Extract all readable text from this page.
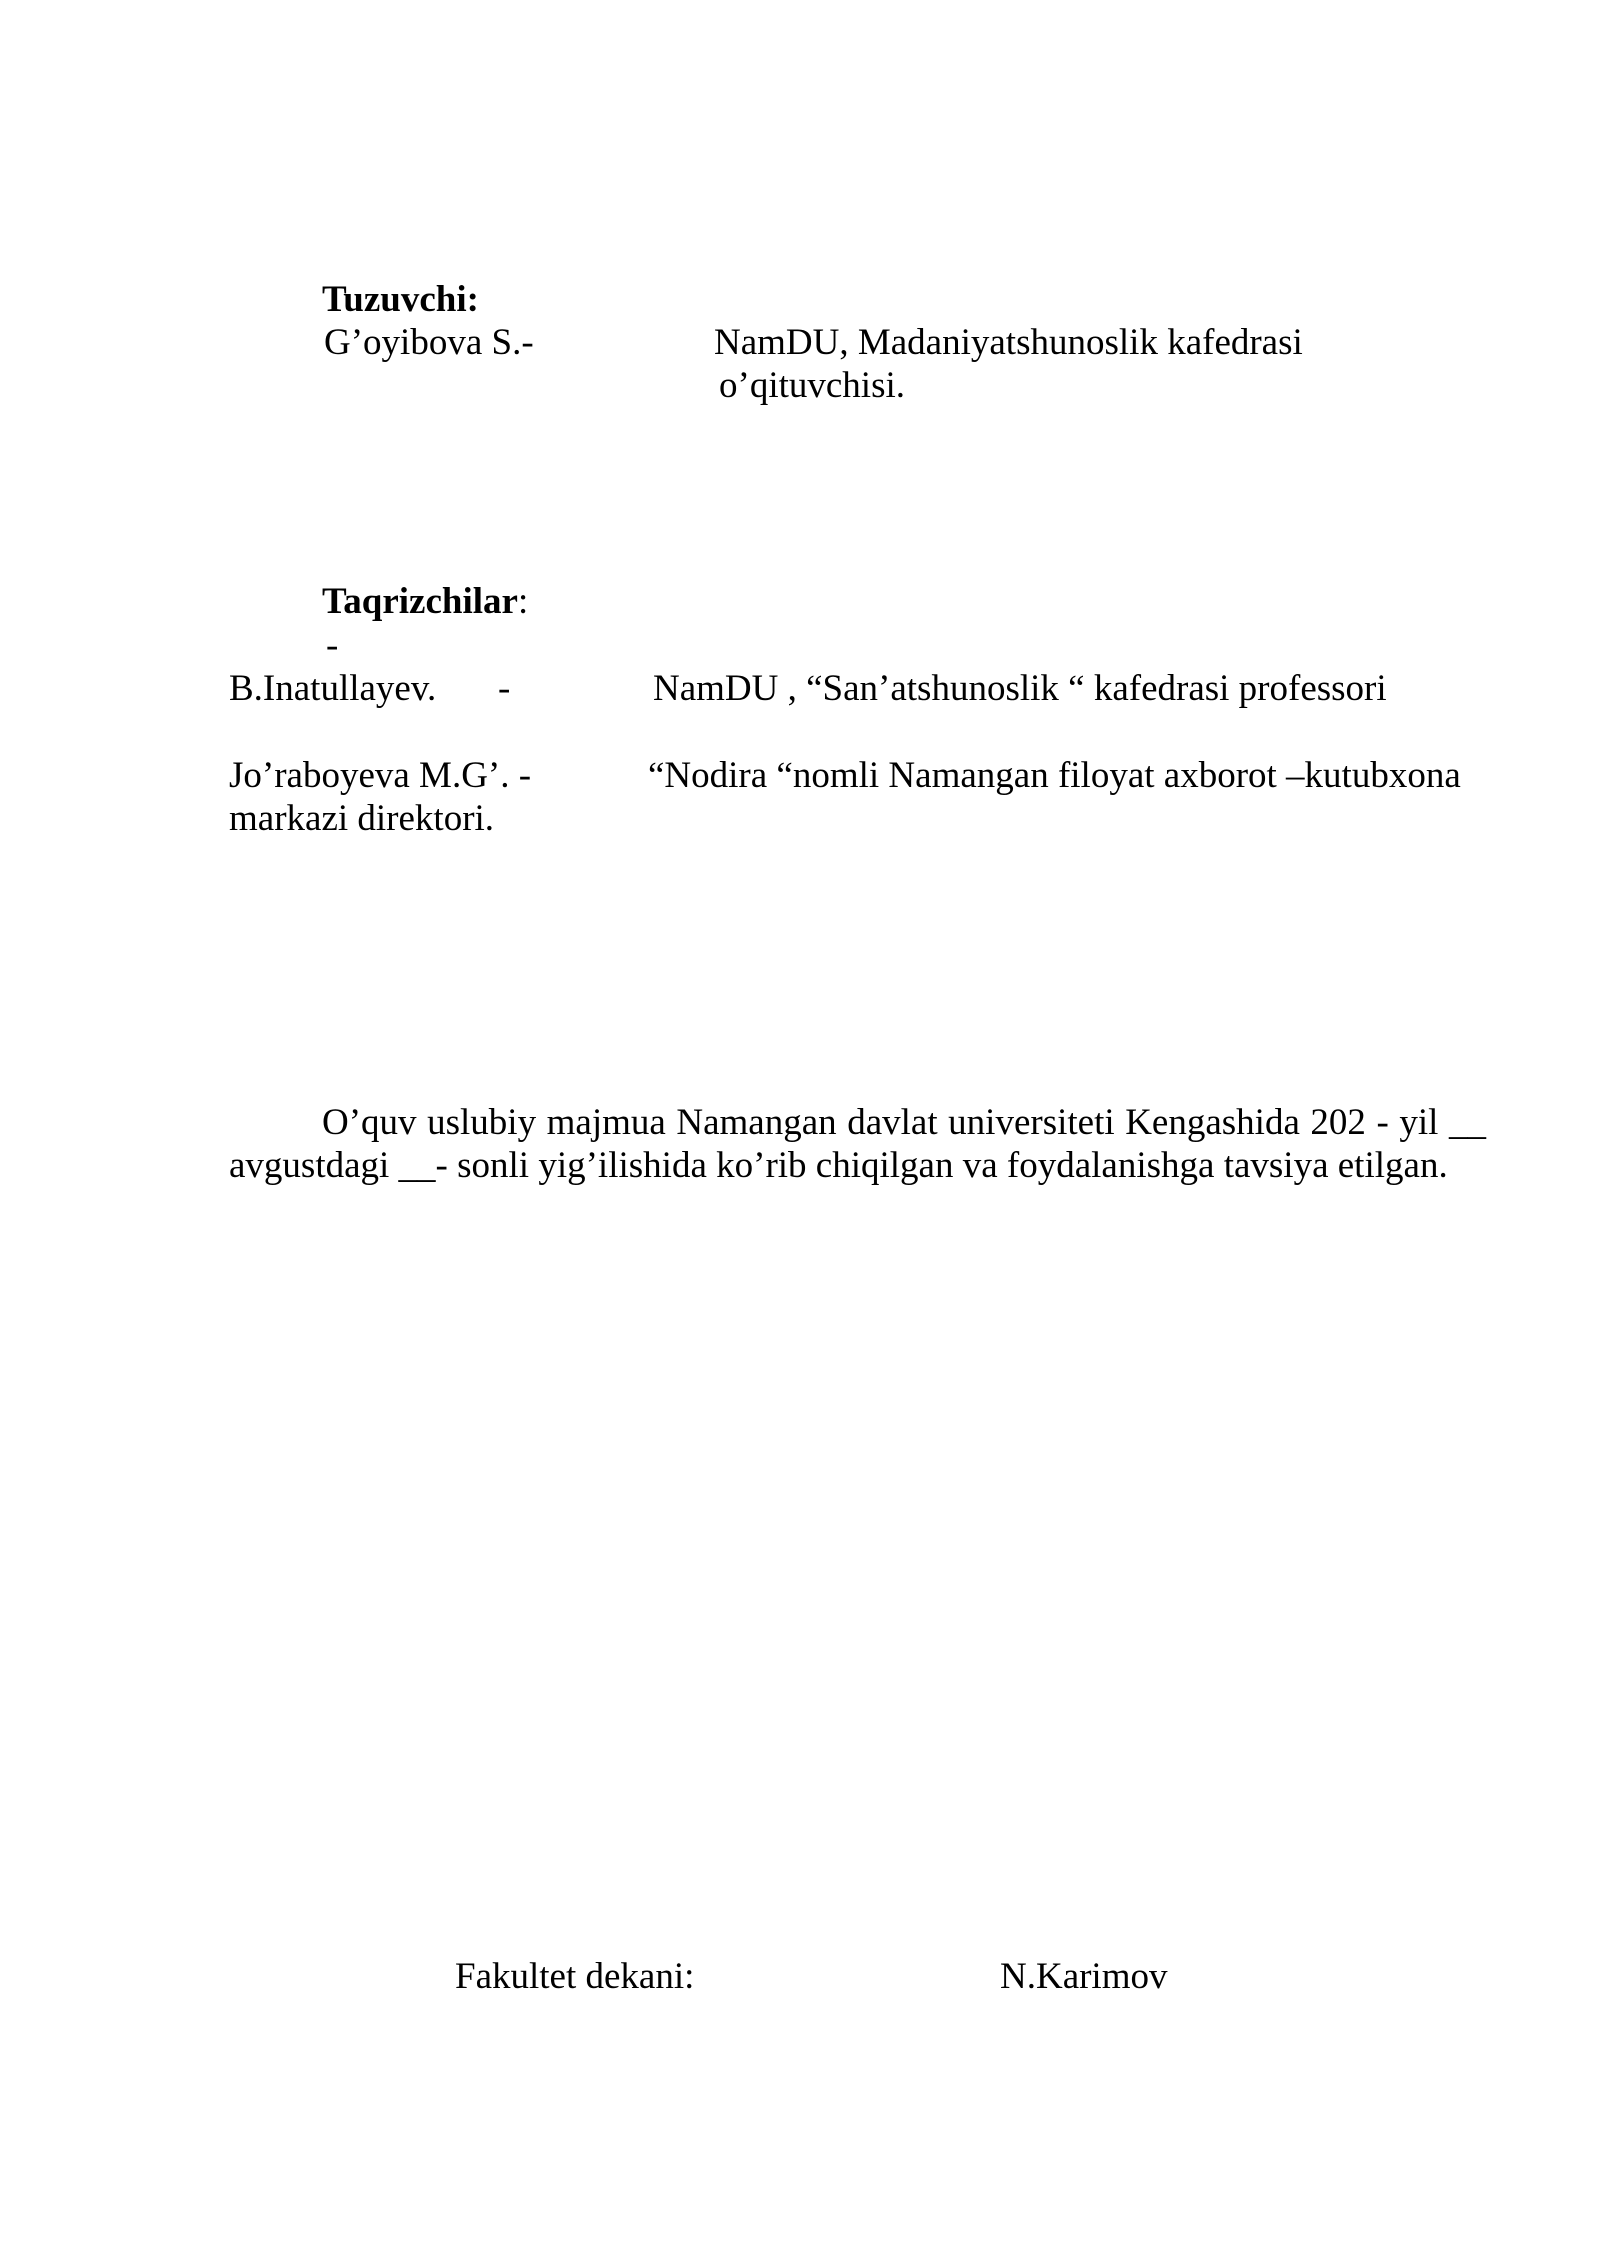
Tuzuvchi:
G’oyibova S.-	NamDU, Madaniyatshunoslik kafedrasi
o’qituvchisi.
Taqrizchilar:
-
B.Inatullayev. -	NamDU , “San’atshunoslik “ kafedrasi professori
Jo’raboyeva M.G’. -	“Nodira “nomli Namangan filoyat axborot –kutubxona
markazi direktori.
O’quv uslubiy majmua Namangan davlat universiteti Kengashida 202 - yil __ avgustdagi __- sonli yig’ilishida ko’rib chiqilgan va foydalanishga tavsiya etilgan.
Fakultet dekani:	N.Karimov
